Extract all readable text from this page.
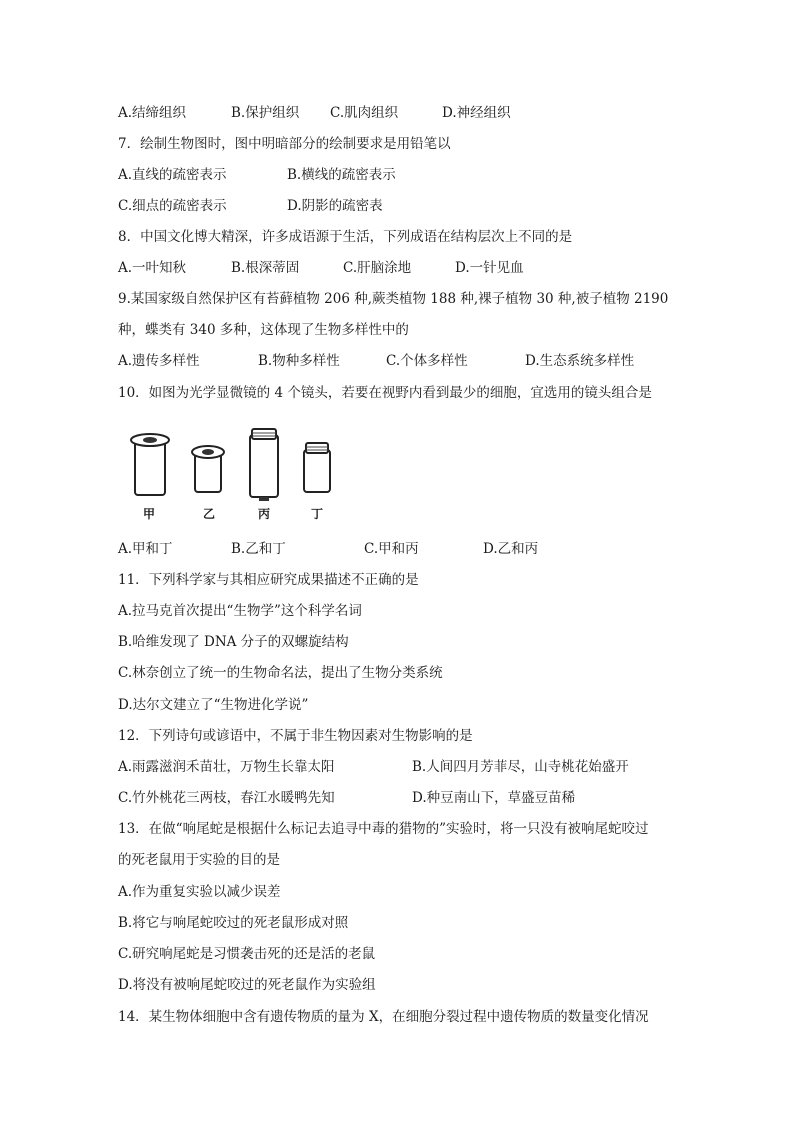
A.结缔组织	B.保护组织 C.肌肉组织	D.神经组织
7．绘制生物图时，图中明暗部分的绘制要求是用铅笔以
A.直线的疏密表示	B.横线的疏密表示
C.细点的疏密表示	D.阴影的疏密表
8．中国文化博大精深，许多成语源于生活，下列成语在结构层次上不同的是
A.一叶知秋	B.根深蒂固	C.肝脑涂地	D.一针见血
9.某国家级自然保护区有苔藓植物 206 种,蕨类植物 188 种,裸子植物 30 种,被子植物 2190
种，蝶类有 340 多种，这体现了生物多样性中的
A.遗传多样性	B.物种多样性	C.个体多样性	D.生态系统多样性
10．如图为光学显微镜的 4 个镜头，若要在视野内看到最少的细胞，宜选用的镜头组合是
甲	乙	丙	丁
A.甲和丁	B.乙和丁	C.甲和丙	D.乙和丙
11．下列科学家与其相应研究成果描述不正确的是
A.拉马克首次提出“生物学”这个科学名词
B.哈维发现了 DNA 分子的双螺旋结构
C.林奈创立了统一的生物命名法，提出了生物分类系统
D.达尔文建立了“生物进化学说”
12．下列诗句或谚语中，不属于非生物因素对生物影响的是
A.雨露滋润禾苗壮，万物生长靠太阳	B.人间四月芳菲尽，山寺桃花始盛开
C.竹外桃花三两枝，春江水暖鸭先知	D.种豆南山下，草盛豆苗稀
13．在做“响尾蛇是根据什么标记去追寻中毒的猎物的”实验时，将一只没有被响尾蛇咬过
的死老鼠用于实验的目的是
A.作为重复实验以减少误差
B.将它与响尾蛇咬过的死老鼠形成对照
C.研究响尾蛇是习惯袭击死的还是活的老鼠
D.将没有被响尾蛇咬过的死老鼠作为实验组
14．某生物体细胞中含有遗传物质的量为 X，在细胞分裂过程中遗传物质的数量变化情况
